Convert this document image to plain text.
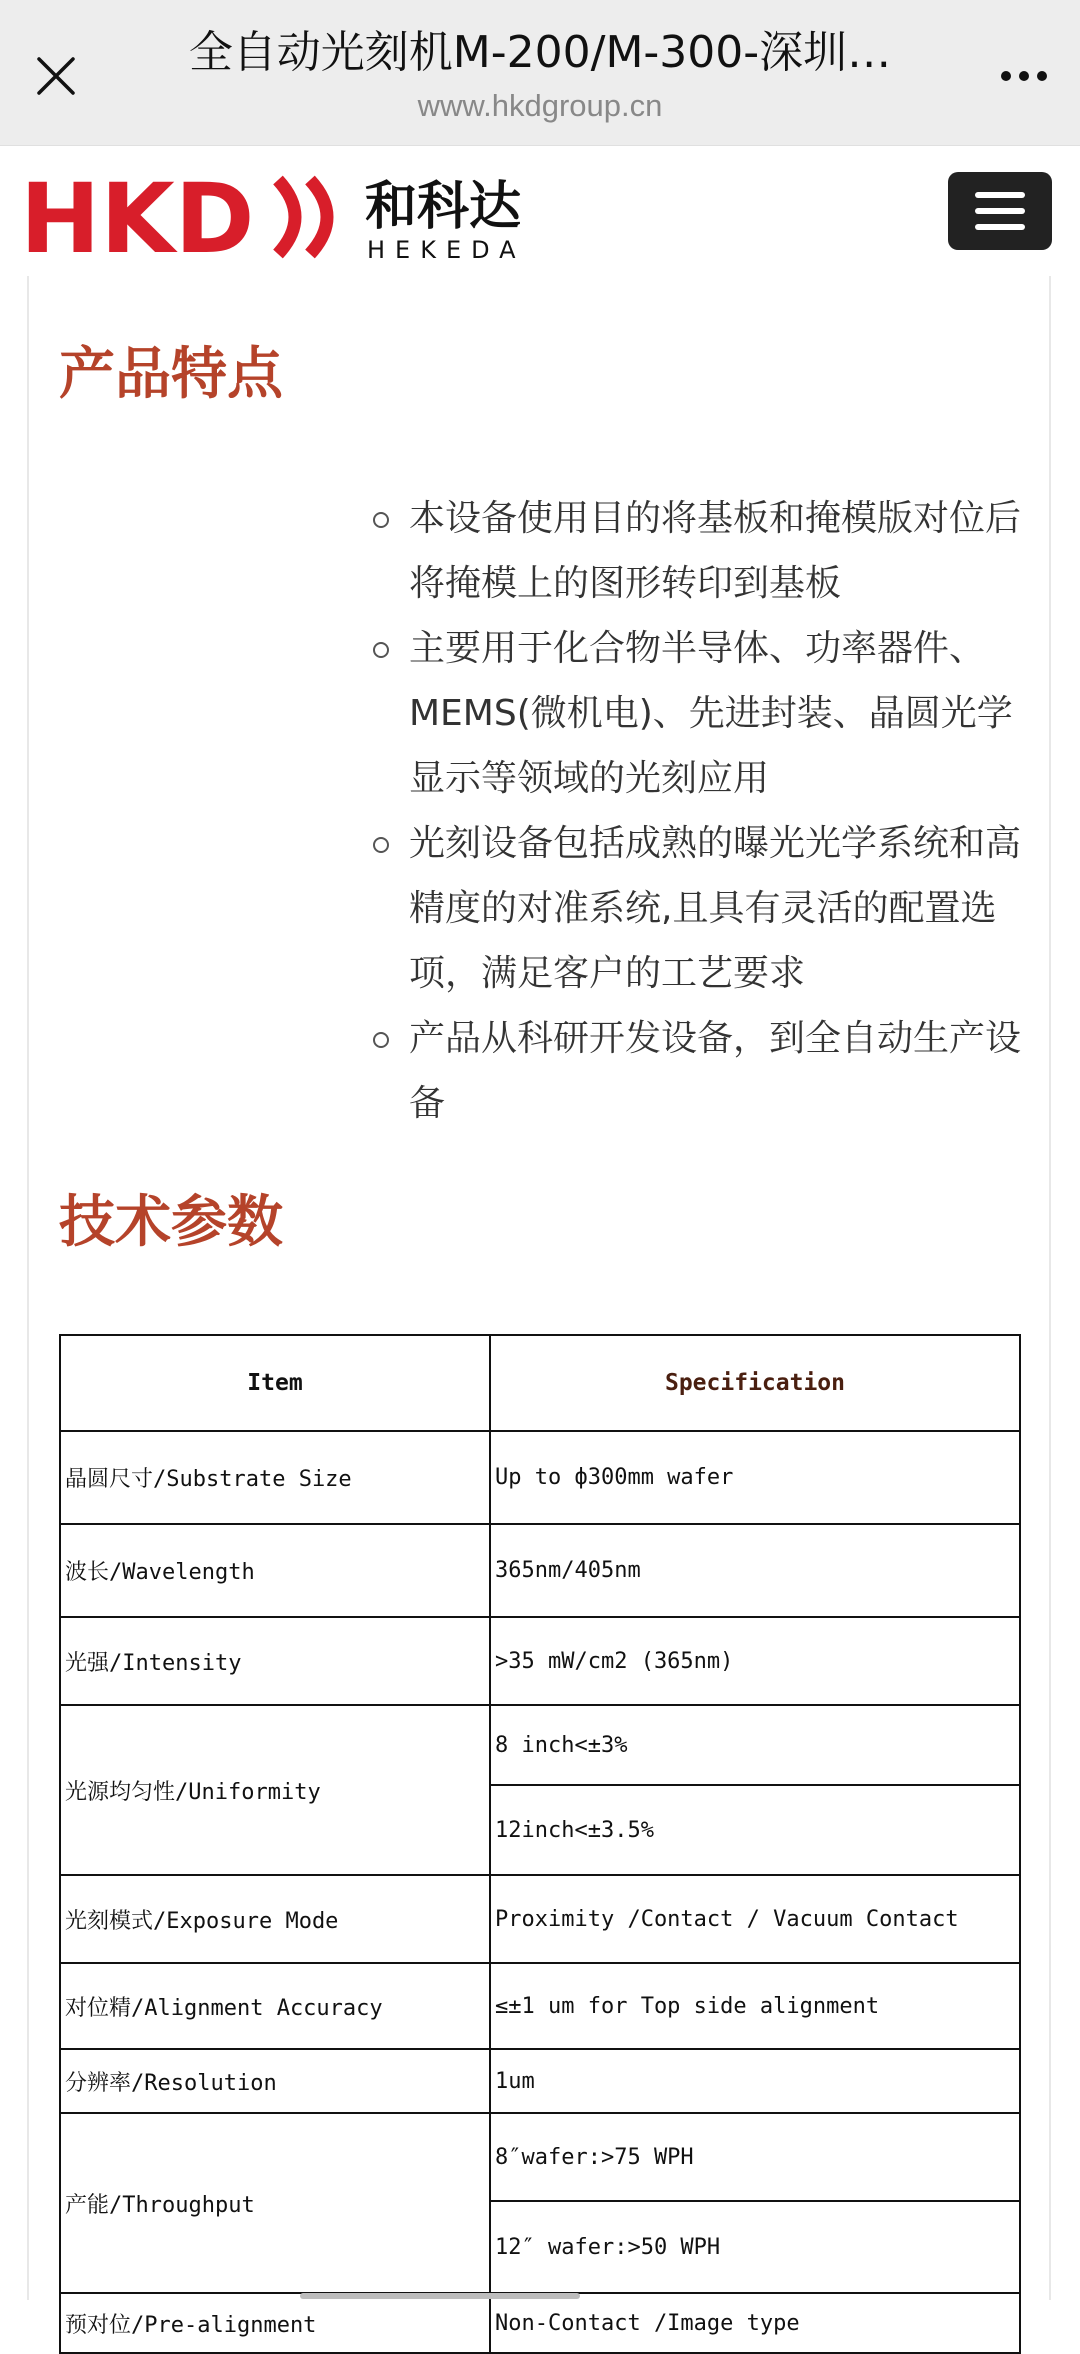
全自动光刻机M-200/M-300-深圳…
www.hkdgroup.cn
HKD 和科达
HEKEDA
产品特点
本设备使用目的将基板和掩模版对位后将掩模上的图形转印到基板
主要用于化合物半导体、功率器件、MEMS(微机电)、先进封装、晶圆光学显示等领域的光刻应用
光刻设备包括成熟的曝光光学系统和高精度的对准系统,且具有灵活的配置选项，满足客户的工艺要求
产品从科研开发设备，到全自动生产设备
技术参数
Item	Specification
晶圆尺寸/Substrate Size	Up to ф300mm wafer
波长/Wavelength	365nm/405nm
光强/Intensity	>35 mW/cm2 (365nm)
光源均匀性/Uniformity	8 inch<±3%
	12inch<±3.5%
光刻模式/Exposure Mode	Proximity /Contact / Vacuum Contact
对位精/Alignment Accuracy	≤±1 um for Top side alignment
分辨率/Resolution	1um
产能/Throughput	8″wafer:>75 WPH
	12″ wafer:>50 WPH
预对位/Pre-alignment	Non-Contact /Image type
